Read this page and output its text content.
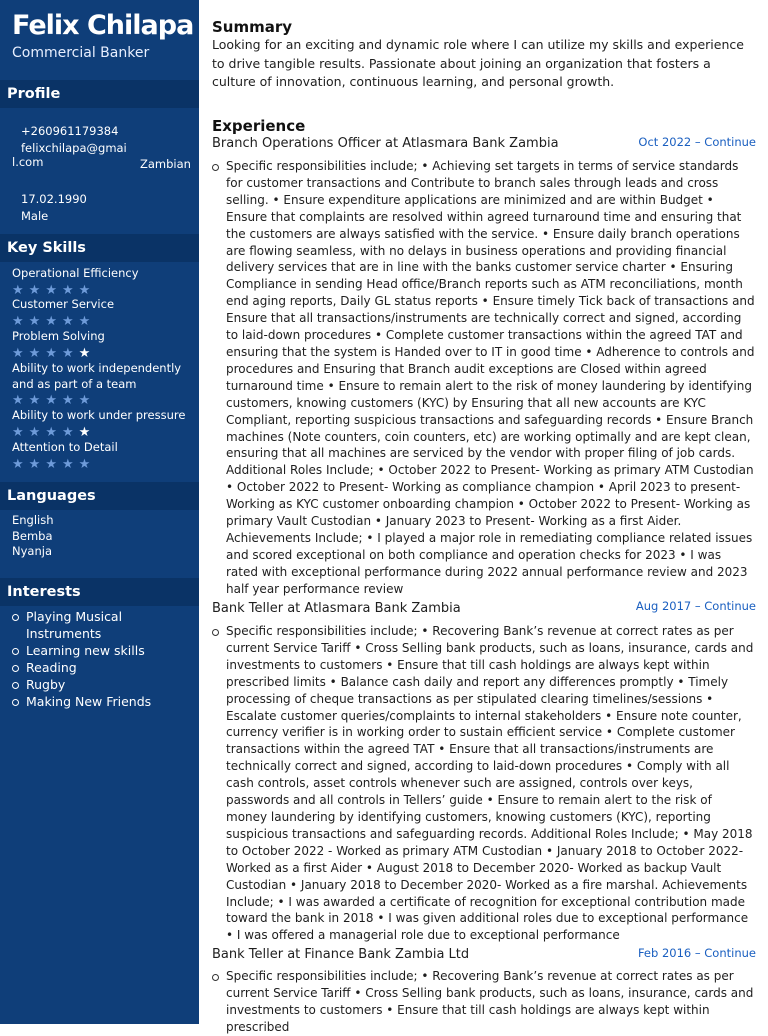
Felix Chilapa
Commercial Banker
Profile
+260961179384
felixchilapa@gmai
l.com	Zambian
17.02.1990
Male
Key Skills
Operational Efficiency
★★★★★
Customer Service
★★★★★
Problem Solving
★★★★★
Ability to work independently and as part of a team
★★★★★
Ability to work under pressure
★★★★★
Attention to Detail
★★★★★
Languages
English
Bemba
Nyanja
Interests
Playing Musical Instruments
Learning new skills
Reading
Rugby
Making New Friends
Summary
Looking for an exciting and dynamic role where I can utilize my skills and experience to drive tangible results. Passionate about joining an organization that fosters a culture of innovation, continuous learning, and personal growth.
Experience
Branch Operations Officer at Atlasmara Bank Zambia	Oct 2022 – Continue

Specific responsibilities include; • Achieving set targets in terms of service standards for customer transactions and Contribute to branch sales through leads and cross selling. • Ensure expenditure applications are minimized and are within Budget • Ensure that complaints are resolved within agreed turnaround time and ensuring that the customers are always satisfied with the service. • Ensure daily branch operations are flowing seamless, with no delays in business operations and providing financial delivery services that are in line with the banks customer service charter • Ensuring Compliance in sending Head office/Branch reports such as ATM reconciliations, month end aging reports, Daily GL status reports • Ensure timely Tick back of transactions and Ensure that all transactions/instruments are technically correct and signed, according to laid-down procedures • Complete customer transactions within the agreed TAT and ensuring that the system is Handed over to IT in good time • Adherence to controls and procedures and Ensuring that Branch audit exceptions are Closed within agreed turnaround time • Ensure to remain alert to the risk of money laundering by identifying customers, knowing customers (KYC) by Ensuring that all new accounts are KYC Compliant, reporting suspicious transactions and safeguarding records • Ensure Branch machines (Note counters, coin counters, etc) are working optimally and are kept clean, ensuring that all machines are serviced by the vendor with proper filing of job cards. Additional Roles Include; • October 2022 to Present- Working as primary ATM Custodian • October 2022 to Present- Working as compliance champion • April 2023 to present- Working as KYC customer onboarding champion • October 2022 to Present- Working as primary Vault Custodian • January 2023 to Present- Working as a first Aider. Achievements Include; • I played a major role in remediating compliance related issues and scored exceptional on both compliance and operation checks for 2023 • I was rated with exceptional performance during 2022 annual performance review and 2023 half year performance review

Bank Teller at Atlasmara Bank Zambia	Aug 2017 – Continue

Specific responsibilities include; • Recovering Bank’s revenue at correct rates as per current Service Tariff • Cross Selling bank products, such as loans, insurance, cards and investments to customers • Ensure that till cash holdings are always kept within prescribed limits • Balance cash daily and report any differences promptly • Timely processing of cheque transactions as per stipulated clearing timelines/sessions • Escalate customer queries/complaints to internal stakeholders • Ensure note counter, currency verifier is in working order to sustain efficient service • Complete customer transactions within the agreed TAT • Ensure that all transactions/instruments are technically correct and signed, according to laid-down procedures • Comply with all cash controls, asset controls whenever such are assigned, controls over keys, passwords and all controls in Tellers’ guide • Ensure to remain alert to the risk of money laundering by identifying customers, knowing customers (KYC), reporting suspicious transactions and safeguarding records. Additional Roles Include; • May 2018 to October 2022 - Worked as primary ATM Custodian • January 2018 to October 2022- Worked as a first Aider • August 2018 to December 2020- Worked as backup Vault Custodian • January 2018 to December 2020- Worked as a fire marshal. Achievements Include; • I was awarded a certificate of recognition for exceptional contribution made toward the bank in 2018 • I was given additional roles due to exceptional performance • I was offered a managerial role due to exceptional performance

Bank Teller at Finance Bank Zambia Ltd	Feb 2016 – Continue

Specific responsibilities include; • Recovering Bank’s revenue at correct rates as per current Service Tariff • Cross Selling bank products, such as loans, insurance, cards and investments to customers • Ensure that till cash holdings are always kept within prescribed
